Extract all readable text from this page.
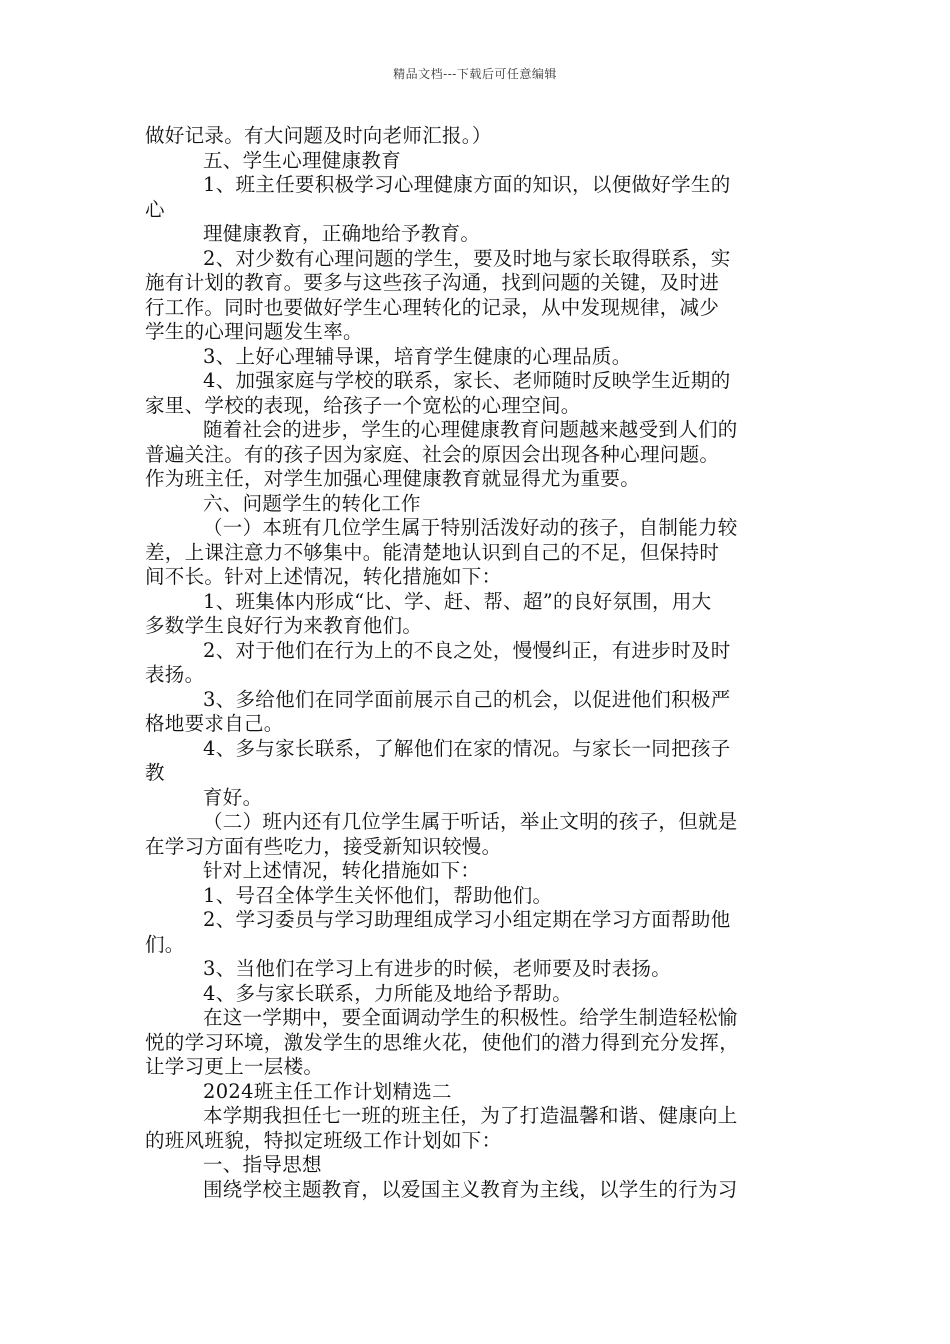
精品文档---下载后可任意编辑
做好记录。有大问题及时向老师汇报。）
五、学生心理健康教育
1、班主任要积极学习心理健康方面的知识，以便做好学生的
心
理健康教育，正确地给予教育。
2、对少数有心理问题的学生，要及时地与家长取得联系，实
施有计划的教育。要多与这些孩子沟通，找到问题的关键，及时进
行工作。同时也要做好学生心理转化的记录，从中发现规律，减少
学生的心理问题发生率。
3、上好心理辅导课，培育学生健康的心理品质。
4、加强家庭与学校的联系，家长、老师随时反映学生近期的
家里、学校的表现，给孩子一个宽松的心理空间。
随着社会的进步，学生的心理健康教育问题越来越受到人们的
普遍关注。有的孩子因为家庭、社会的原因会出现各种心理问题。
作为班主任，对学生加强心理健康教育就显得尤为重要。
六、问题学生的转化工作
（一）本班有几位学生属于特别活泼好动的孩子，自制能力较
差，上课注意力不够集中。能清楚地认识到自己的不足，但保持时
间不长。针对上述情况，转化措施如下：
1、班集体内形成“比、学、赶、帮、超”的良好氛围，用大
多数学生良好行为来教育他们。
2、对于他们在行为上的不良之处，慢慢纠正，有进步时及时
表扬。
3、多给他们在同学面前展示自己的机会，以促进他们积极严
格地要求自己。
4、多与家长联系，了解他们在家的情况。与家长一同把孩子
教
育好。
（二）班内还有几位学生属于听话，举止文明的孩子，但就是
在学习方面有些吃力，接受新知识较慢。
针对上述情况，转化措施如下：
1、号召全体学生关怀他们，帮助他们。
2、学习委员与学习助理组成学习小组定期在学习方面帮助他
们。
3、当他们在学习上有进步的时候，老师要及时表扬。
4、多与家长联系，力所能及地给予帮助。
在这一学期中，要全面调动学生的积极性。给学生制造轻松愉
悦的学习环境，激发学生的思维火花，使他们的潜力得到充分发挥，
让学习更上一层楼。
2024班主任工作计划精选二
本学期我担任七一班的班主任，为了打造温馨和谐、健康向上
的班风班貌，特拟定班级工作计划如下：
一、指导思想
围绕学校主题教育，以爱国主义教育为主线，以学生的行为习
